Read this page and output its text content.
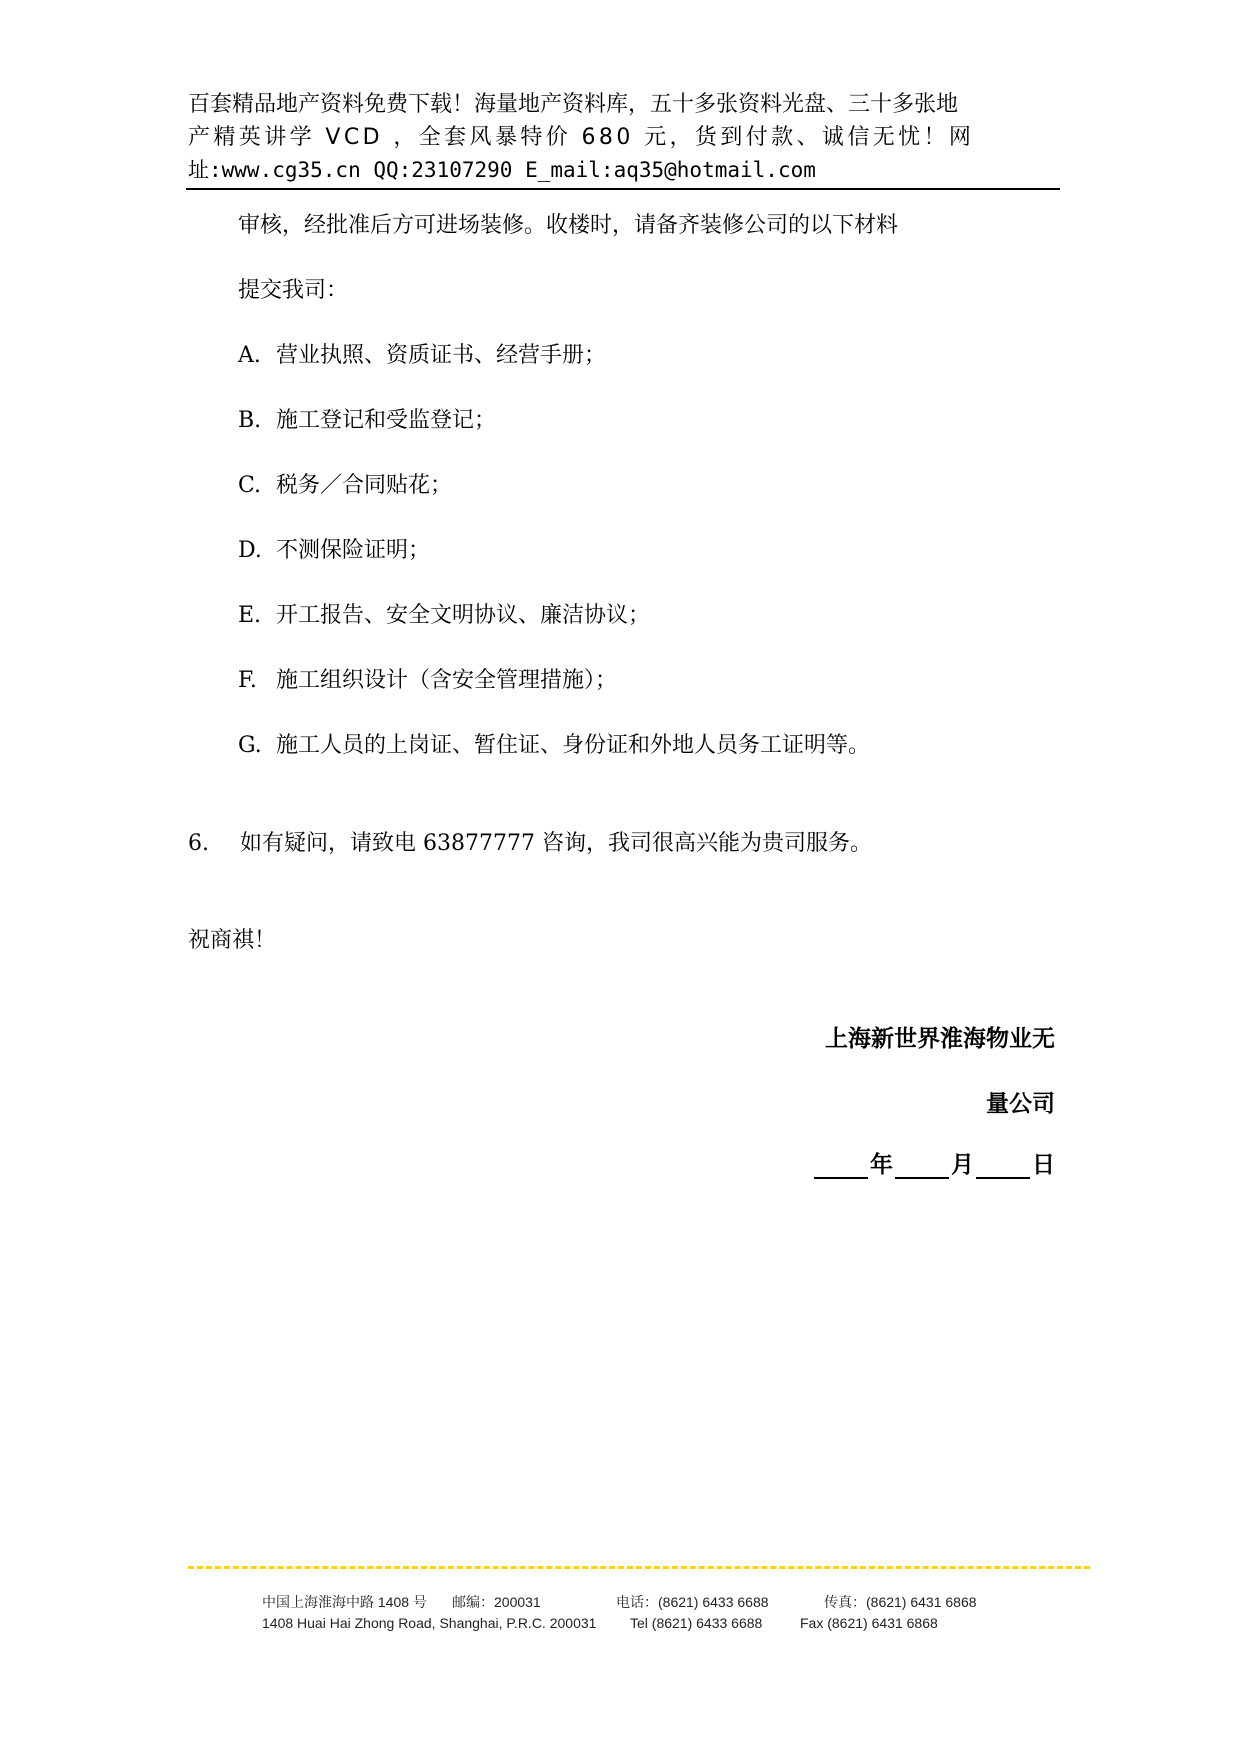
百套精品地产资料免费下载！海量地产资料库，五十多张资料光盘、三十多张地
产精英讲学 VCD ，全套风暴特价 680 元，货到付款、诚信无忧！网
址:www.cg35.cn QQ:23107290 E_mail:aq35@hotmail.com
审核，经批准后方可进场装修。收楼时，请备齐装修公司的以下材料
提交我司：
A. 营业执照、资质证书、经营手册；
B. 施工登记和受监登记；
C. 税务／合同贴花；
D. 不测保险证明；
E. 开工报告、安全文明协议、廉洁协议；
F. 施工组织设计（含安全管理措施）；
G. 施工人员的上岗证、暂住证、身份证和外地人员务工证明等。
6. 如有疑问，请致电 63877777 咨询，我司很高兴能为贵司服务。
祝商祺！
上海新世界淮海物业无
量公司
年	月	日
中国上海淮海中路 1408 号 邮编：200031	电话：(8621) 6433 6688	传真：(8621) 6431 6868
1408 Huai Hai Zhong Road, Shanghai, P.R.C. 200031 Tel (8621) 6433 6688	Fax (8621) 6431 6868
